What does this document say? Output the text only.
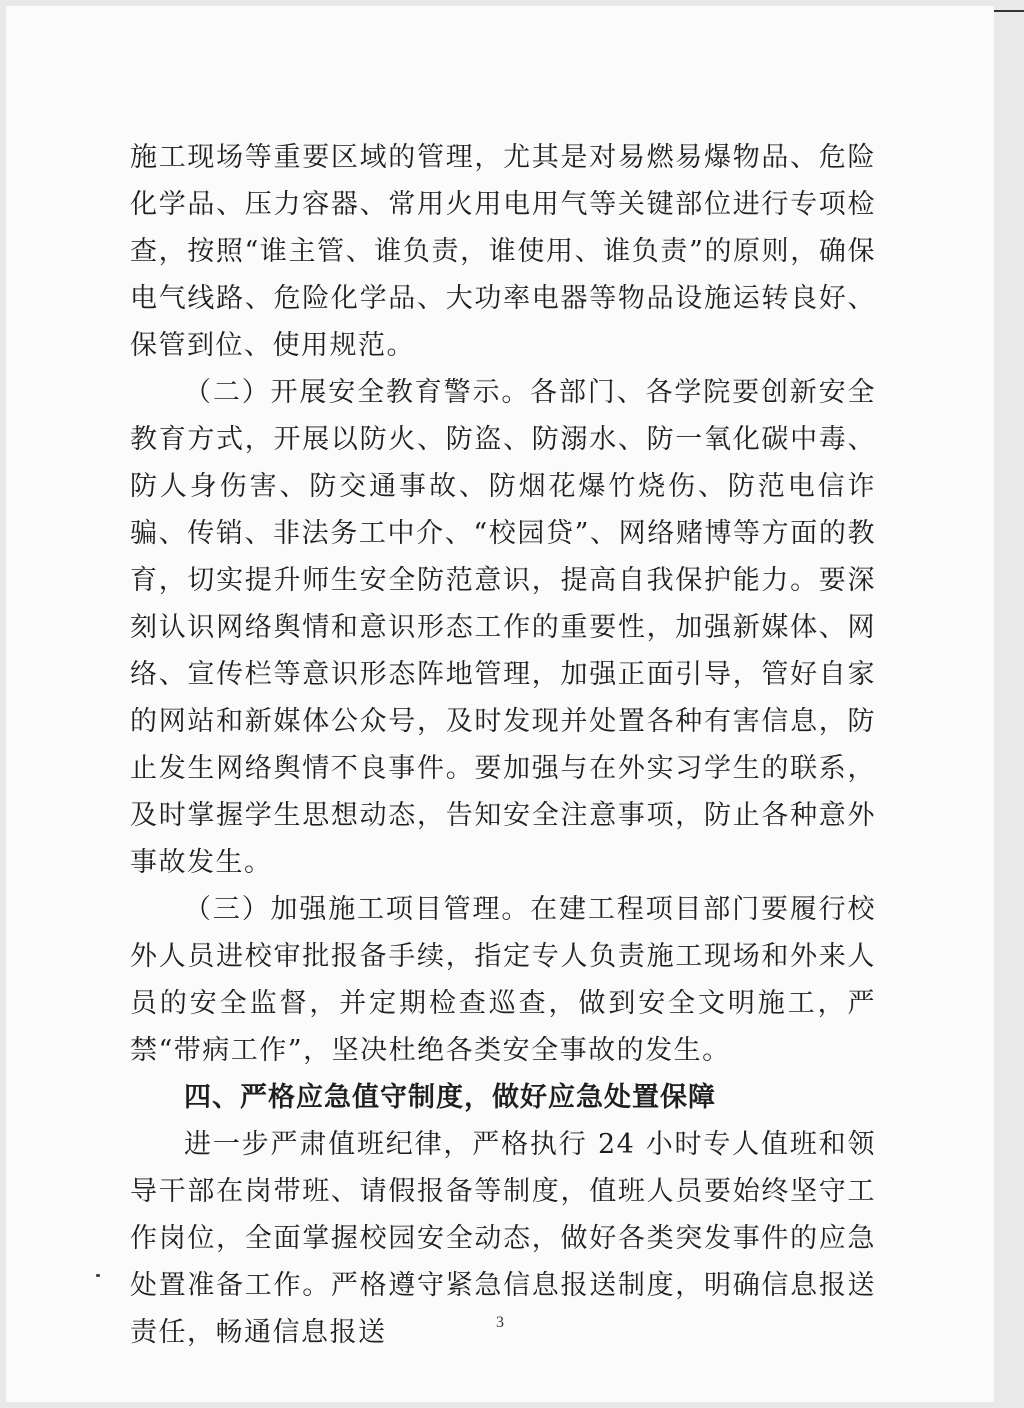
施工现场等重要区域的管理，尤其是对易燃易爆物品、危险化学品、压力容器、常用火用电用气等关键部位进行专项检查，按照“谁主管、谁负责，谁使用、谁负责”的原则，确保电气线路、危险化学品、大功率电器等物品设施运转良好、保管到位、使用规范。

（二）开展安全教育警示。各部门、各学院要创新安全教育方式，开展以防火、防盗、防溺水、防一氧化碳中毒、防人身伤害、防交通事故、防烟花爆竹烧伤、防范电信诈骗、传销、非法务工中介、“校园贷”、网络赌博等方面的教育，切实提升师生安全防范意识，提高自我保护能力。要深刻认识网络舆情和意识形态工作的重要性，加强新媒体、网络、宣传栏等意识形态阵地管理，加强正面引导，管好自家的网站和新媒体公众号，及时发现并处置各种有害信息，防止发生网络舆情不良事件。要加强与在外实习学生的联系，及时掌握学生思想动态，告知安全注意事项，防止各种意外事故发生。

（三）加强施工项目管理。在建工程项目部门要履行校外人员进校审批报备手续，指定专人负责施工现场和外来人员的安全监督，并定期检查巡查，做到安全文明施工，严禁“带病工作”，坚决杜绝各类安全事故的发生。

四、严格应急值守制度，做好应急处置保障

进一步严肃值班纪律，严格执行 24 小时专人值班和领导干部在岗带班、请假报备等制度，值班人员要始终坚守工作岗位，全面掌握校园安全动态，做好各类突发事件的应急处置准备工作。严格遵守紧急信息报送制度，明确信息报送责任，畅通信息报送	3
